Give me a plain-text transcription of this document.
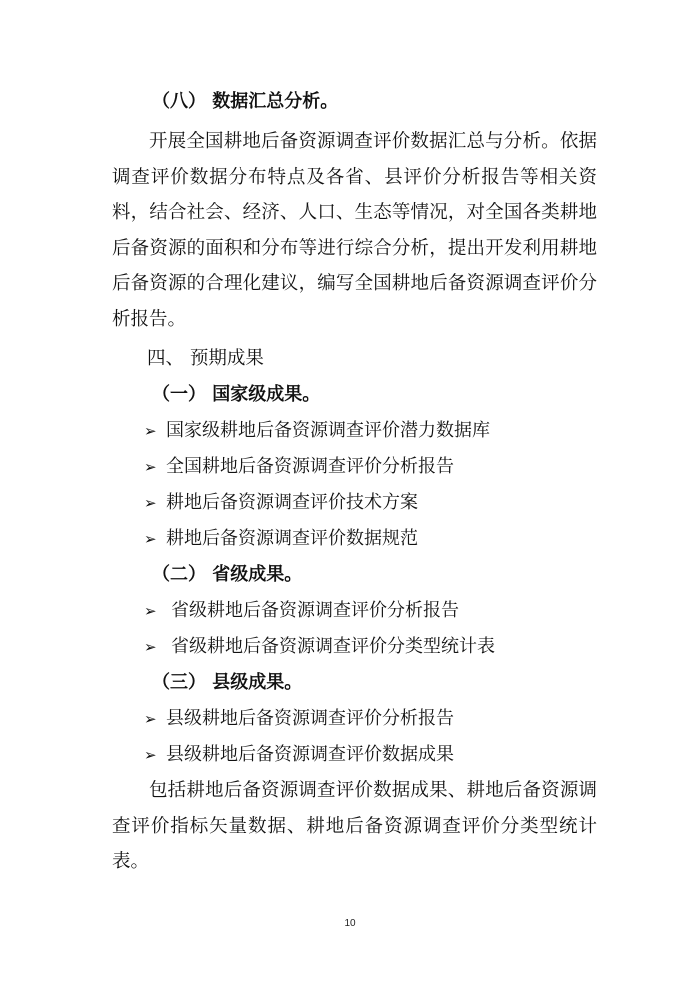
（八） 数据汇总分析。
开展全国耕地后备资源调查评价数据汇总与分析。依据
调查评价数据分布特点及各省、县评价分析报告等相关资
料，结合社会、经济、人口、生态等情况，对全国各类耕地
后备资源的面积和分布等进行综合分析，提出开发利用耕地
后备资源的合理化建议，编写全国耕地后备资源调查评价分
析报告。
四、 预期成果
（一） 国家级成果。
➢ 国家级耕地后备资源调查评价潜力数据库
➢ 全国耕地后备资源调查评价分析报告
➢ 耕地后备资源调查评价技术方案
➢ 耕地后备资源调查评价数据规范
（二） 省级成果。
➢ 省级耕地后备资源调查评价分析报告
➢ 省级耕地后备资源调查评价分类型统计表
（三） 县级成果。
➢ 县级耕地后备资源调查评价分析报告
➢ 县级耕地后备资源调查评价数据成果
包括耕地后备资源调查评价数据成果、耕地后备资源调
查评价指标矢量数据、耕地后备资源调查评价分类型统计
表。
10
